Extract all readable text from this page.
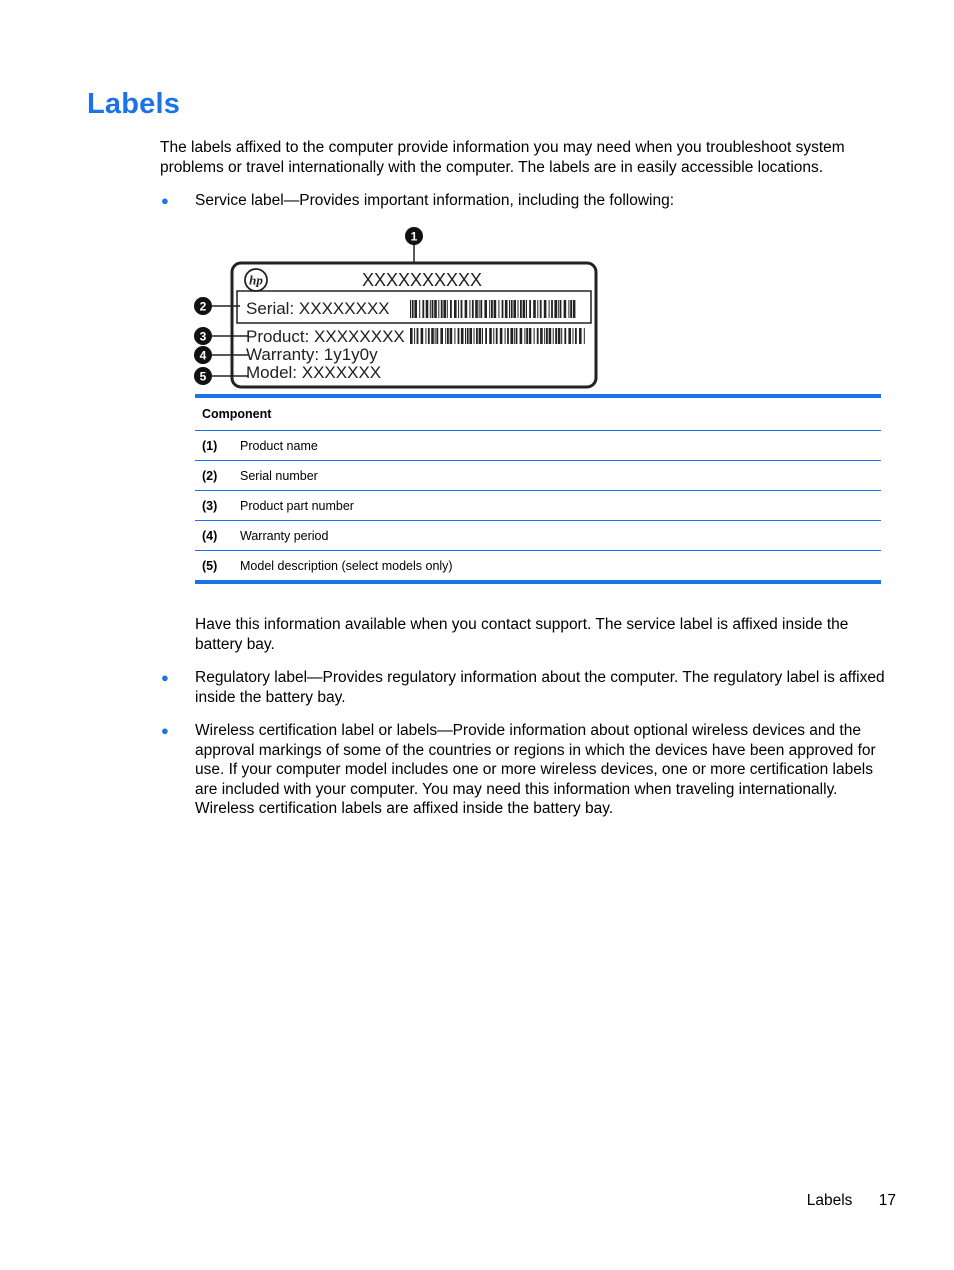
Labels

The labels affixed to the computer provide information you may need when you troubleshoot system problems or travel internationally with the computer. The labels are in easily accessible locations.

● Service label—Provides important information, including the following:

hp	XXXXXXXXXX
Serial: XXXXXXXX
Product: XXXXXXXX
Warranty: 1y1y0y
Model: XXXXXXX
1
2
3
4
5
Component	
(1)	Product name
(2)	Serial number
(3)	Product part number
(4)	Warranty period
(5)	Model description (select models only)

Have this information available when you contact support. The service label is affixed inside the battery bay.

● Regulatory label—Provides regulatory information about the computer. The regulatory label is affixed inside the battery bay.

● Wireless certification label or labels—Provide information about optional wireless devices and the approval markings of some of the countries or regions in which the devices have been approved for use. If your computer model includes one or more wireless devices, one or more certification labels are included with your computer. You may need this information when traveling internationally. Wireless certification labels are affixed inside the battery bay.

Labels 17
